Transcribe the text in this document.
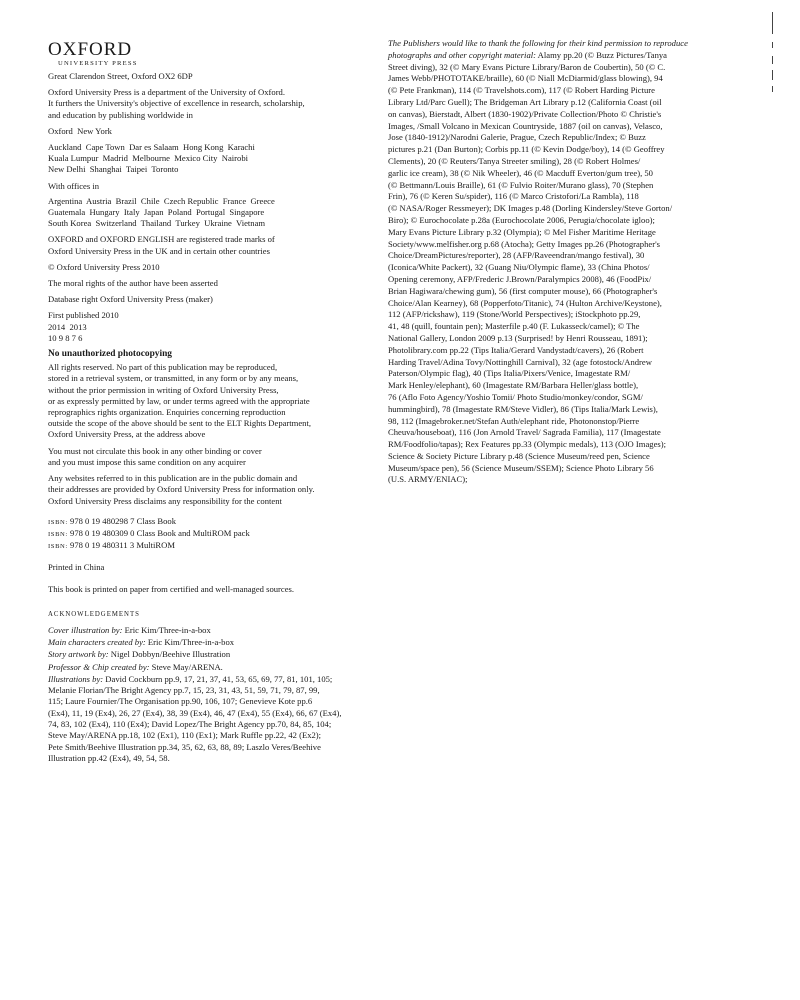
OXFORD
UNIVERSITY PRESS
Great Clarendon Street, Oxford OX2 6DP
Oxford University Press is a department of the University of Oxford.
It furthers the University's objective of excellence in research, scholarship,
and education by publishing worldwide in
Oxford  New York
Auckland  Cape Town  Dar es Salaam  Hong Kong  Karachi
Kuala Lumpur  Madrid  Melbourne  Mexico City  Nairobi
New Delhi  Shanghai  Taipei  Toronto
With offices in
Argentina  Austria  Brazil  Chile  Czech Republic  France  Greece
Guatemala  Hungary  Italy  Japan  Poland  Portugal  Singapore
South Korea  Switzerland  Thailand  Turkey  Ukraine  Vietnam
OXFORD and OXFORD ENGLISH are registered trade marks of
Oxford University Press in the UK and in certain other countries
© Oxford University Press 2010
The moral rights of the author have been asserted
Database right Oxford University Press (maker)
First published 2010
2014  2013
10 9 8 7 6
No unauthorized photocopying
All rights reserved. No part of this publication may be reproduced,
stored in a retrieval system, or transmitted, in any form or by any means,
without the prior permission in writing of Oxford University Press,
or as expressly permitted by law, or under terms agreed with the appropriate
reprographics rights organization. Enquiries concerning reproduction
outside the scope of the above should be sent to the ELT Rights Department,
Oxford University Press, at the address above
You must not circulate this book in any other binding or cover
and you must impose this same condition on any acquirer
Any websites referred to in this publication are in the public domain and
their addresses are provided by Oxford University Press for information only.
Oxford University Press disclaims any responsibility for the content
ISBN: 978 0 19 480298 7 Class Book
ISBN: 978 0 19 480309 0 Class Book and MultiROM pack
ISBN: 978 0 19 480311 3 MultiROM
Printed in China
This book is printed on paper from certified and well-managed sources.
ACKNOWLEDGEMENTS
Cover illustration by: Eric Kim/Three-in-a-box
Main characters created by: Eric Kim/Three-in-a-box
Story artwork by: Nigel Dobbyn/Beehive Illustration
Professor & Chip created by: Steve May/ARENA.
Illustrations by: David Cockburn pp.9, 17, 21, 37, 41, 53, 65, 69, 77, 81, 101, 105;
Melanie Florian/The Bright Agency pp.7, 15, 23, 31, 43, 51, 59, 71, 79, 87, 99,
115; Laure Fournier/The Organisation pp.90, 106, 107; Genevieve Kote pp.6
(Ex4), 11, 19 (Ex4), 26, 27 (Ex4), 38, 39 (Ex4), 46, 47 (Ex4), 55 (Ex4), 66, 67 (Ex4),
74, 83, 102 (Ex4), 110 (Ex4); David Lopez/The Bright Agency pp.70, 84, 85, 104;
Steve May/ARENA pp.18, 102 (Ex1), 110 (Ex1); Mark Ruffle pp.22, 42 (Ex2);
Pete Smith/Beehive Illustration pp.34, 35, 62, 63, 88, 89; Laszlo Veres/Beehive
Illustration pp.42 (Ex4), 49, 54, 58.
The Publishers would like to thank the following for their kind permission to reproduce
photographs and other copyright material: Alamy pp.20 (© Buzz Pictures/Tanya
Street diving), 32 (© Mary Evans Picture Library/Baron de Coubertin), 50 (© C.
James Webb/PHOTOTAKE/braille), 60 (© Niall McDiarmid/glass blowing), 94
(© Pete Frankman), 114 (© Travelshots.com), 117 (© Robert Harding Picture
Library Ltd/Parc Guell); The Bridgeman Art Library p.12 (California Coast (oil
on canvas), Bierstadt, Albert (1830-1902)/Private Collection/Photo © Christie's
Images, /Small Volcano in Mexican Countryside, 1887 (oil on canvas), Velasco,
Jose (1840-1912)/Narodni Galerie, Prague, Czech Republic/Index; © Buzz
pictures p.21 (Dan Burton); Corbis pp.11 (© Kevin Dodge/boy), 14 (© Geoffrey
Clements), 20 (© Reuters/Tanya Streeter smiling), 28 (© Robert Holmes/
garlic ice cream), 38 (© Nik Wheeler), 46 (© Macduff Everton/gum tree), 50
(© Bettmann/Louis Braille), 61 (© Fulvio Roiter/Murano glass), 70 (Stephen
Frin), 76 (© Keren Su/spider), 116 (© Marco Cristofori/La Rambla), 118
(© NASA/Roger Ressmeyer); DK Images p.48 (Dorling Kindersley/Steve Gorton/
Biro); © Eurochocolate p.28a (Eurochocolate 2006, Perugia/chocolate igloo);
Mary Evans Picture Library p.32 (Olympia); © Mel Fisher Maritime Heritage
Society/www.melfisher.org p.68 (Atocha); Getty Images pp.26 (Photographer's
Choice/DreamPictures/reporter), 28 (AFP/Raveendran/mango festival), 30
(Iconica/White Packert), 32 (Guang Niu/Olympic flame), 33 (China Photos/
Opening ceremony, AFP/Frederic J.Brown/Paralympics 2008), 46 (FoodPix/
Brian Hagiwara/chewing gum), 56 (first computer mouse), 66 (Photographer's
Choice/Alan Kearney), 68 (Popperfoto/Titanic), 74 (Hulton Archive/Keystone),
112 (AFP/rickshaw), 119 (Stone/World Perspectives); iStockphoto pp.29,
41, 48 (quill, fountain pen); Masterfile p.40 (F. Lukasseck/camel); © The
National Gallery, London 2009 p.13 (Surprised! by Henri Rousseau, 1891);
Photolibrary.com pp.22 (Tips Italia/Gerard Vandystadt/cavers), 26 (Robert
Harding Travel/Adina Tovy/Nottinghill Carnival), 32 (age fotostock/Andrew
Paterson/Olympic flag), 40 (Tips Italia/Pixers/Venice, Imagestate RM/
Mark Henley/elephant), 60 (Imagestate RM/Barbara Heller/glass bottle),
76 (Aflo Foto Agency/Yoshio Tomii/ Photo Studio/monkey/condor, SGM/
hummingbird), 78 (Imagestate RM/Steve Vidler), 86 (Tips Italia/Mark Lewis),
98, 112 (Imagebroker.net/Stefan Auth/elephant ride, Photononstop/Pierre
Cheuva/houseboat), 116 (Jon Arnold Travel/ Sagrada Familia), 117 (Imagestate
RM/Foodfolio/tapas); Rex Features pp.33 (Olympic medals), 113 (OJO Images);
Science & Society Picture Library p.48 (Science Museum/reed pen, Science
Museum/space pen), 56 (Science Museum/SSEM); Science Photo Library 56
(U.S. ARMY/ENIAC);
